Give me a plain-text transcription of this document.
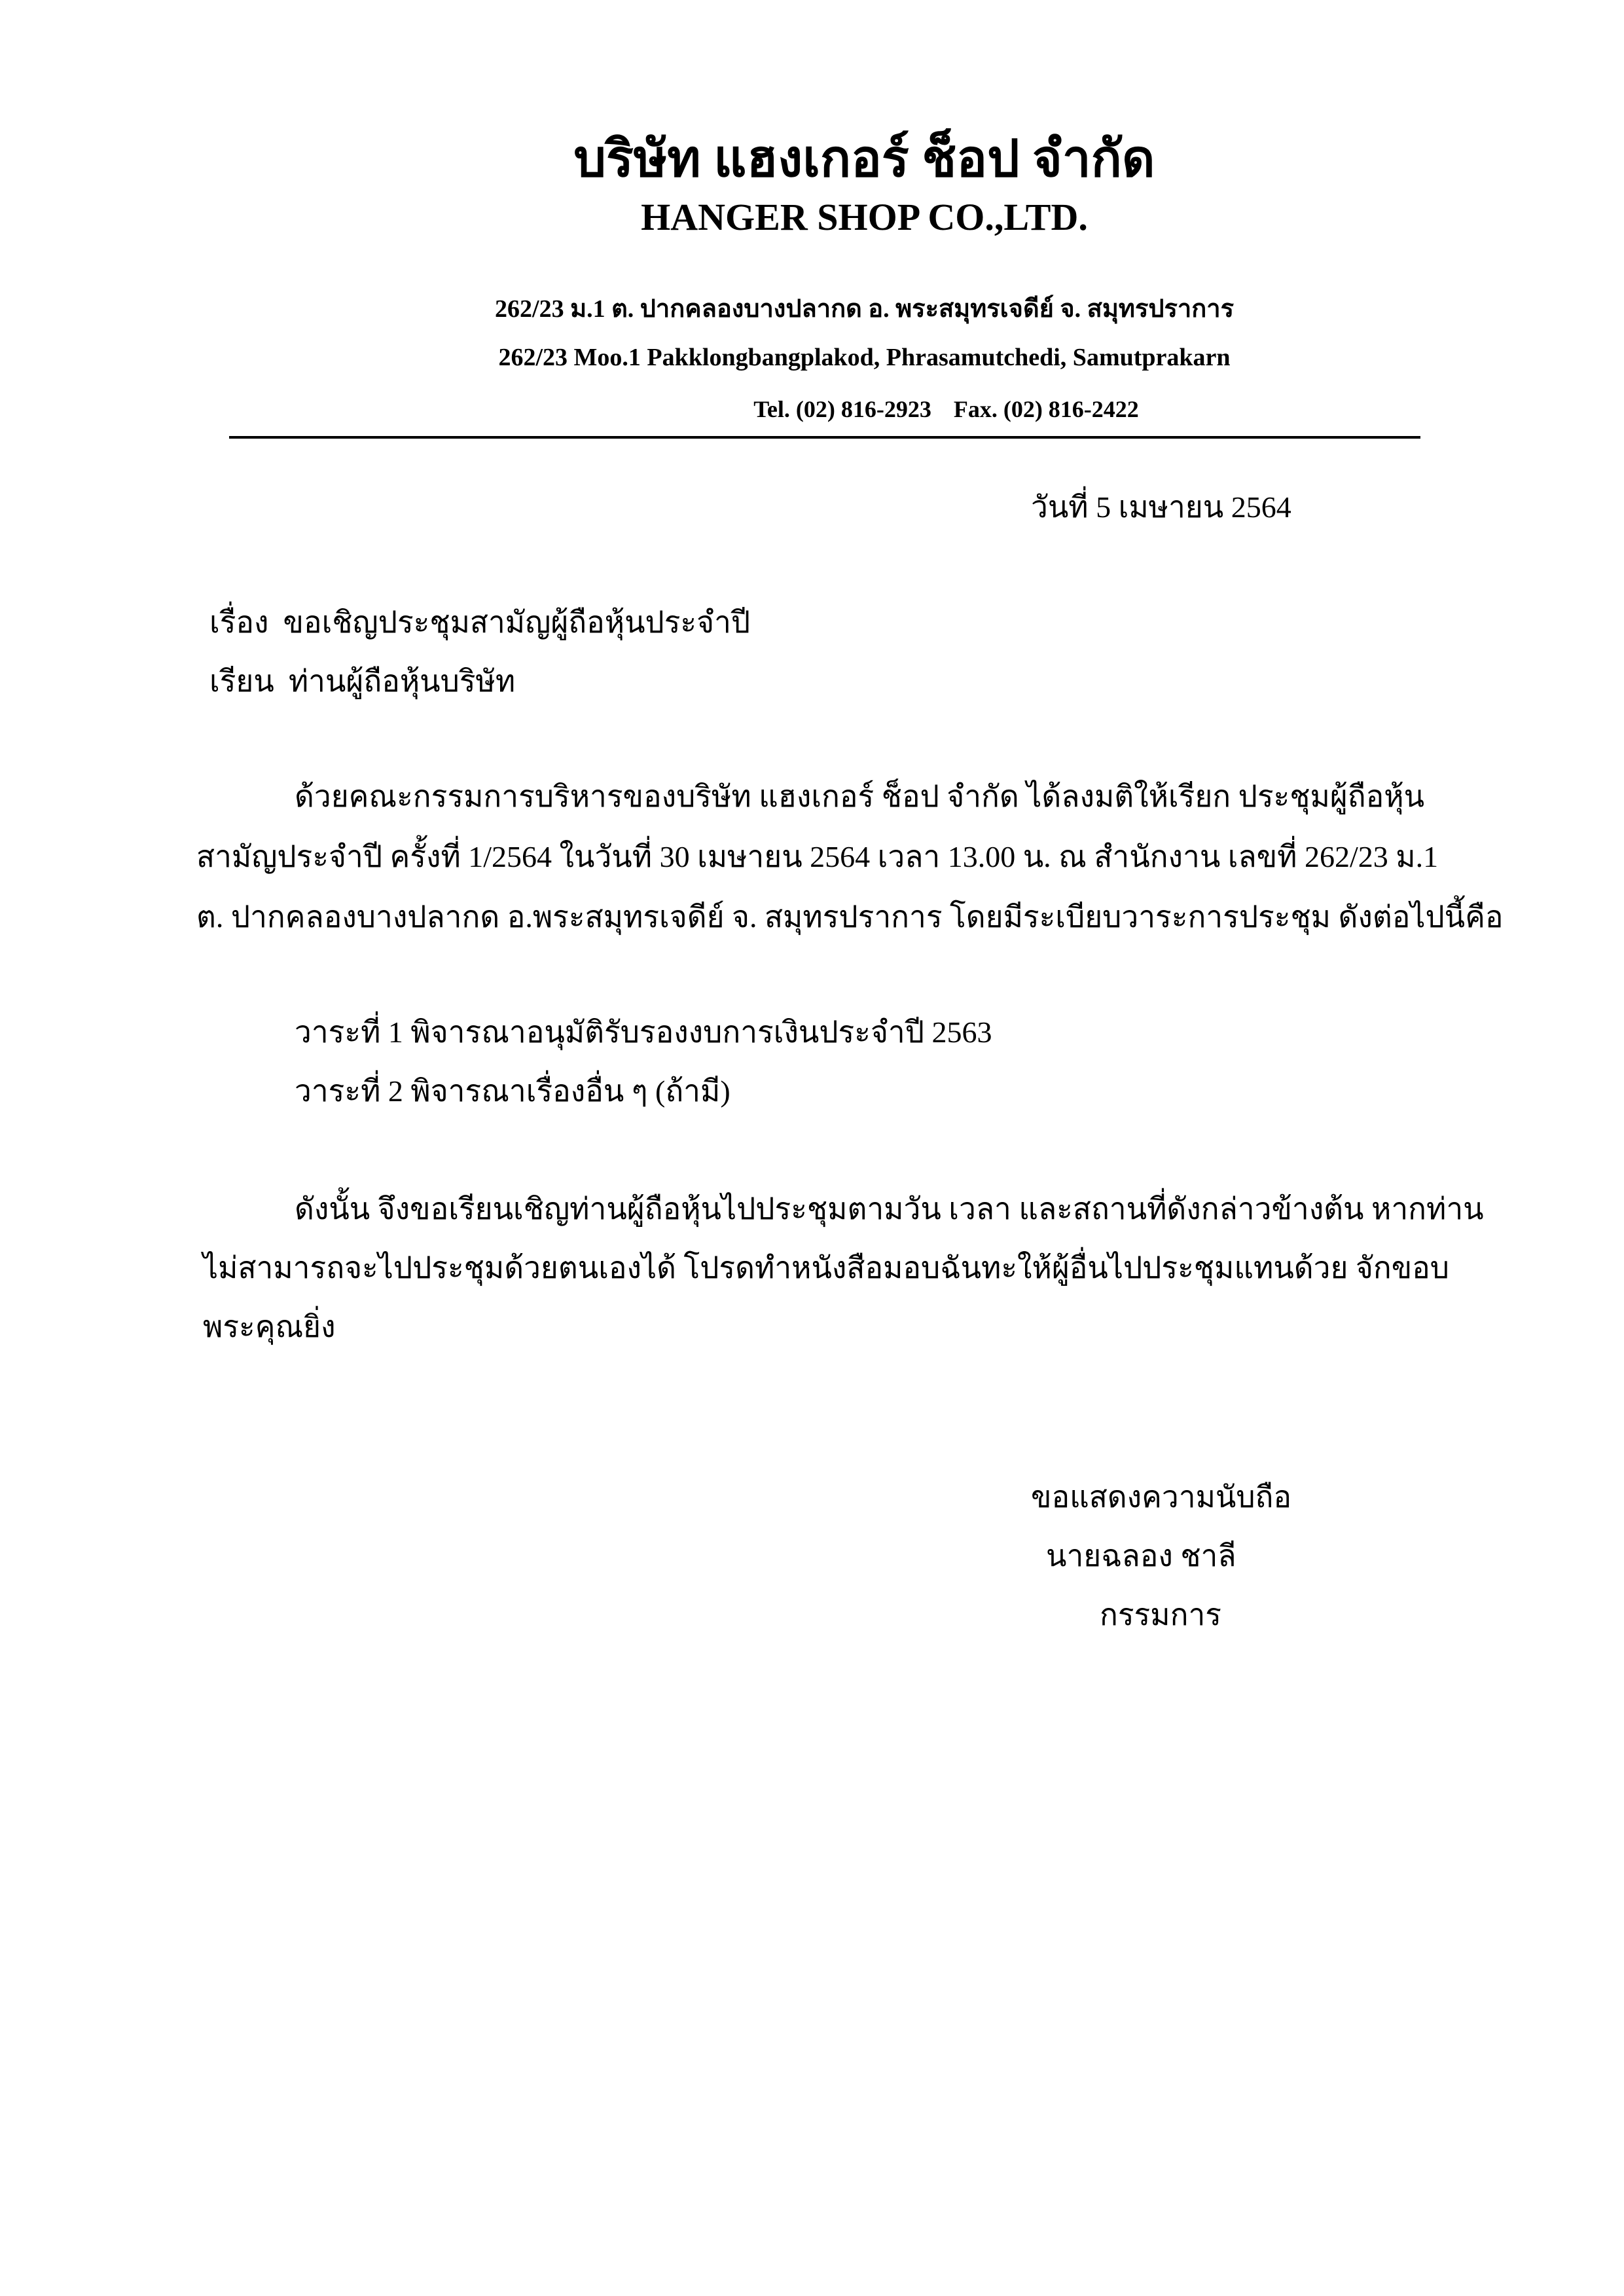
บริษัท แฮงเกอร์ ช็อป จำกัด
HANGER SHOP CO.,LTD.
262/23 ม.1 ต. ปากคลองบางปลากด อ. พระสมุทรเจดีย์ จ. สมุทรปราการ
262/23 Moo.1 Pakklongbangplakod, Phrasamutchedi, Samutprakarn
Tel. (02) 816-2923 Fax. (02) 816-2422
วันที่ 5 เมษายน 2564
เรื่อง ขอเชิญประชุมสามัญผู้ถือหุ้นประจำปี
เรียน ท่านผู้ถือหุ้นบริษัท
ด้วยคณะกรรมการบริหารของบริษัท แฮงเกอร์ ช็อป จำกัด ได้ลงมติให้เรียก ประชุมผู้ถือหุ้น
สามัญประจำปี ครั้งที่ 1/2564 ในวันที่ 30 เมษายน 2564 เวลา 13.00 น. ณ สำนักงาน เลขที่ 262/23 ม.1
ต. ปากคลองบางปลากด อ.พระสมุทรเจดีย์ จ. สมุทรปราการ โดยมีระเบียบวาระการประชุม ดังต่อไปนี้คือ
วาระที่ 1 พิจารณาอนุมัติรับรองงบการเงินประจำปี 2563
วาระที่ 2 พิจารณาเรื่องอื่น ๆ (ถ้ามี)
ดังนั้น จึงขอเรียนเชิญท่านผู้ถือหุ้นไปประชุมตามวัน เวลา และสถานที่ดังกล่าวข้างต้น หากท่าน
ไม่สามารถจะไปประชุมด้วยตนเองได้ โปรดทำหนังสือมอบฉันทะให้ผู้อื่นไปประชุมแทนด้วย จักขอบ
พระคุณยิ่ง
ขอแสดงความนับถือ
นายฉลอง ชาลี
กรรมการ
